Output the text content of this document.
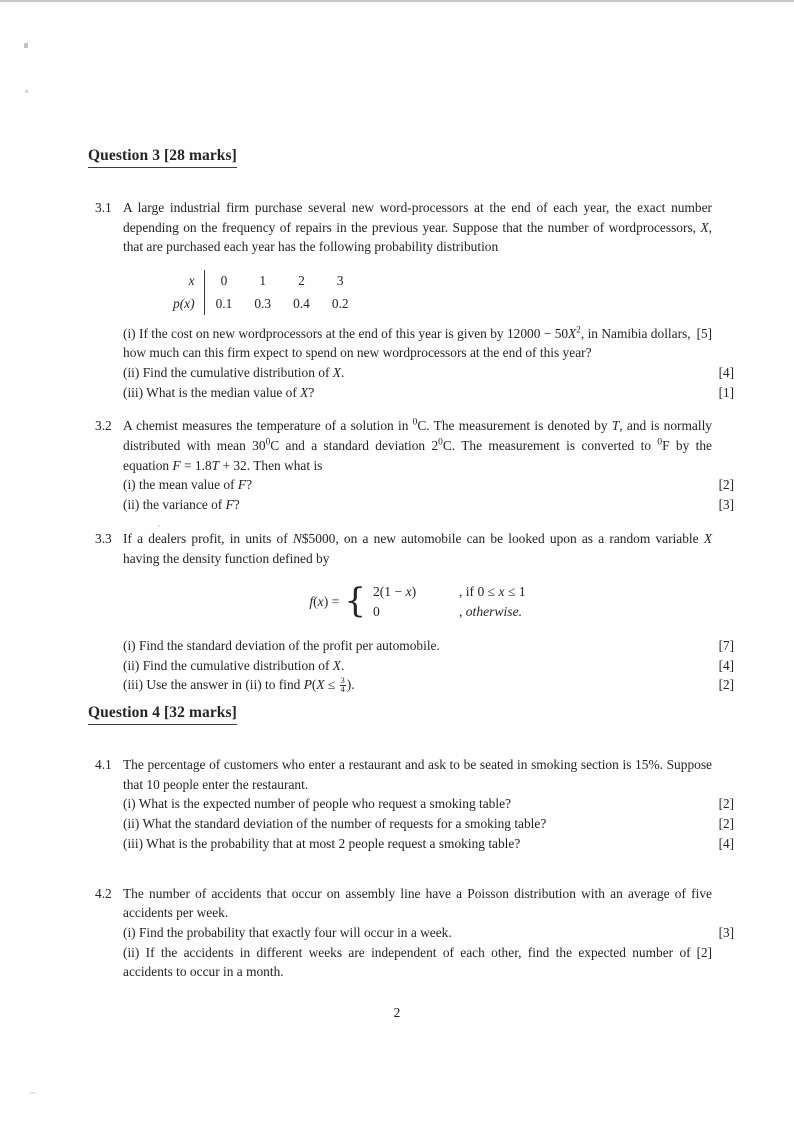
Question 3 [28 marks]
3.1 A large industrial firm purchase several new word-processors at the end of each year, the exact number depending on the frequency of repairs in the previous year. Suppose that the number of wordprocessors, X, that are purchased each year has the following probability distribution
x	0	1	2	3
p(x)	0.1	0.3	0.4	0.2
[5]
(i) If the cost on new wordprocessors at the end of this year is given by $12000 - 50X^2$, in Namibia dollars, how much can this firm expect to spend on new wordprocessors at the end of this year?
(ii) Find the cumulative distribution of X.	[4]
(iii) What is the median value of X?	[1]
3.2 A chemist measures the temperature of a solution in $^0$C. The measurement is denoted by T, and is normally distributed with mean $30^0C$ and a standard deviation $2^0C$. The measurement is converted to $^0$F by the equation F = 1.8T + 32. Then what is
(i) the mean value of F?	[2]
(ii) the variance of F?	[3]
3.3 If a dealers profit, in units of N$5000, on a new automobile can be looked upon as a random variable X having the density function defined by
f(x) = { 2(1 − x)	, if 0 ≤ x ≤ 1
0	, otherwise.
(i) Find the standard deviation of the profit per automobile.	[7]
(ii) Find the cumulative distribution of X.	[4]
(iii) Use the answer in (ii) to find $P(X \le \frac{3}{4}$ ).	[2]
Question 4 [32 marks]
4.1 The percentage of customers who enter a restaurant and ask to be seated in smoking section is 15%. Suppose that 10 people enter the restaurant.
(i) What is the expected number of people who request a smoking table?	[2]
(ii) What the standard deviation of the number of requests for a smoking table?	[2]
(iii) What is the probability that at most 2 people request a smoking table?	[4]
4.2 The number of accidents that occur on assembly line have a Poisson distribution with an average of five accidents per week.
(i) Find the probability that exactly four will occur in a week.	[3]
[2]
(ii) If the accidents in different weeks are independent of each other, find the expected number of accidents to occur in a month.
2
